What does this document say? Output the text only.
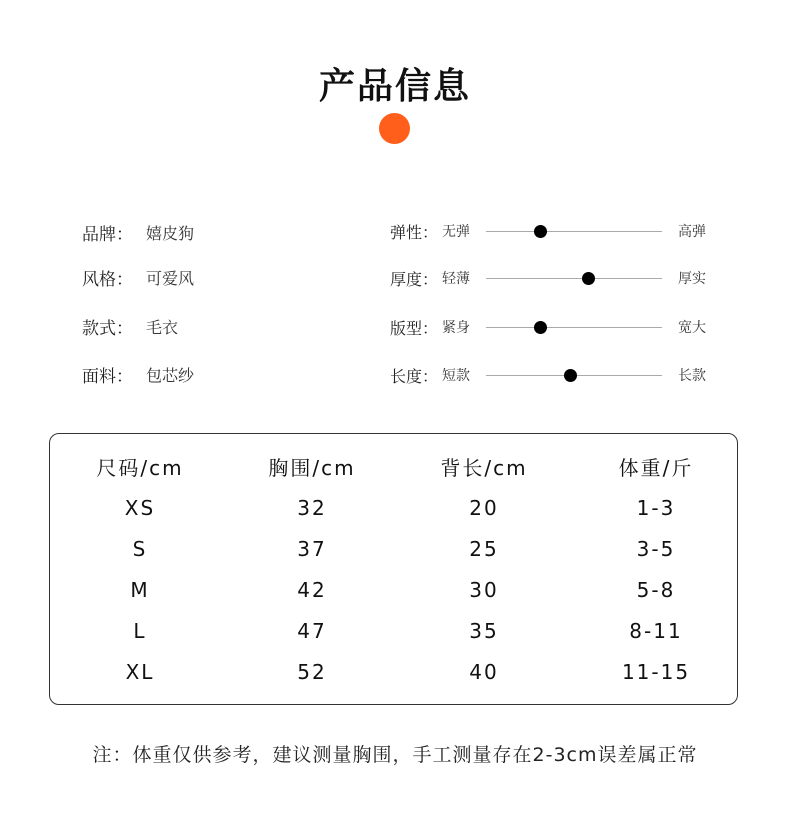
产品信息
品牌： 嬉皮狗
风格： 可爱风
款式： 毛衣
面料： 包芯纱
弹性： 无弹	高弹
厚度： 轻薄	厚实
版型： 紧身	宽大
长度： 短款	长款
尺码/cm	胸围/cm	背长/cm	体重/斤
XS	32	20	1-3
S	37	25	3-5
M	42	30	5-8
L	47	35	8-11
XL	52	40	11-15
注：体重仅供参考，建议测量胸围，手工测量存在2-3cm误差属正常
